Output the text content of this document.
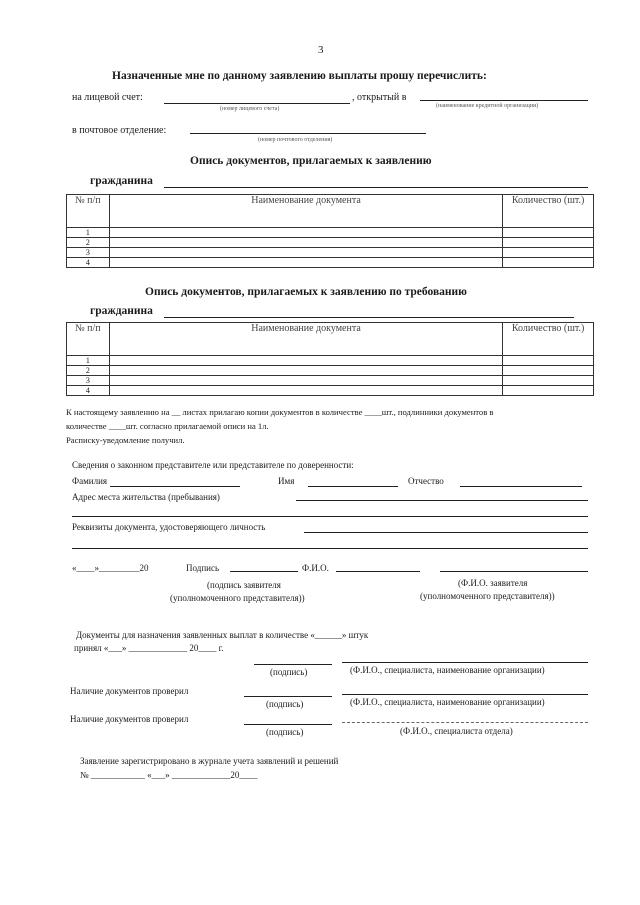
3
Назначенные мне по данному заявлению выплаты прошу перечислить:
на лицевой счет:
(номер лицевого счета)
, открытый в
(наименование кредитной организации)
в почтовое отделение:
(номер почтового отделения)
Опись документов, прилагаемых к заявлению
гражданина
№ п/п	Наименование документа	Количество (шт.)
1		
2		
3		
4		
Опись документов, прилагаемых к заявлению по требованию
гражданина
№ п/п	Наименование документа	Количество (шт.)
1		
2		
3		
4		
К настоящему заявлению на __ листах прилагаю копии документов в количестве ____шт., подлинники документов в
количестве ____шт. согласно прилагаемой описи на 1л.
Расписку-уведомление получил.
Сведения о законном представителе или представителе по доверенности:
Фамилия	Имя	Отчество
Адрес места жительства (пребывания)
Реквизиты документа, удостоверяющего личность
«____»_________20	Подпись	Ф.И.О.
(подпись заявителя
(уполномоченного представителя))
(Ф.И.О. заявителя
(уполномоченного представителя))
Документы для назначения заявленных выплат в количестве «______» штук
принял «___» _____________ 20____ г.
(подпись)	(Ф.И.О., специалиста, наименование организации)
Наличие документов проверил
(подпись)	(Ф.И.О., специалиста, наименование организации)
Наличие документов проверил
(подпись)	(Ф.И.О., специалиста отдела)
Заявление зарегистрировано в журнале учета заявлений и решений
№ ____________ «___» _____________20____
